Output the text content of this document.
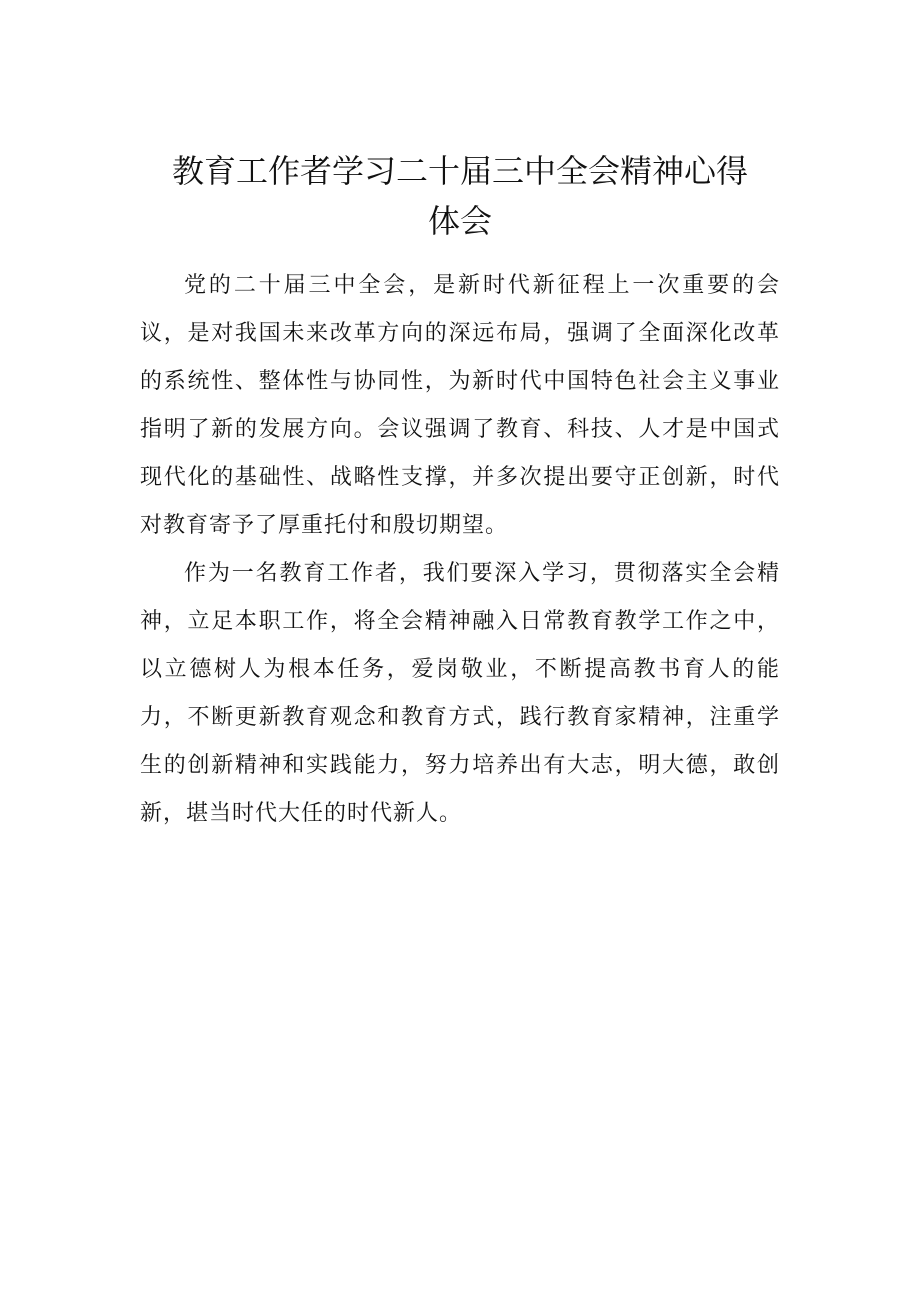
教育工作者学习二十届三中全会精神心得
体会

党的二十届三中全会，是新时代新征程上一次重要的会议，是对我国未来改革方向的深远布局，强调了全面深化改革的系统性、整体性与协同性，为新时代中国特色社会主义事业指明了新的发展方向。会议强调了教育、科技、人才是中国式现代化的基础性、战略性支撑，并多次提出要守正创新，时代对教育寄予了厚重托付和殷切期望。

作为一名教育工作者，我们要深入学习，贯彻落实全会精神，立足本职工作，将全会精神融入日常教育教学工作之中，以立德树人为根本任务，爱岗敬业，不断提高教书育人的能力，不断更新教育观念和教育方式，践行教育家精神，注重学生的创新精神和实践能力，努力培养出有大志，明大德，敢创新，堪当时代大任的时代新人。
